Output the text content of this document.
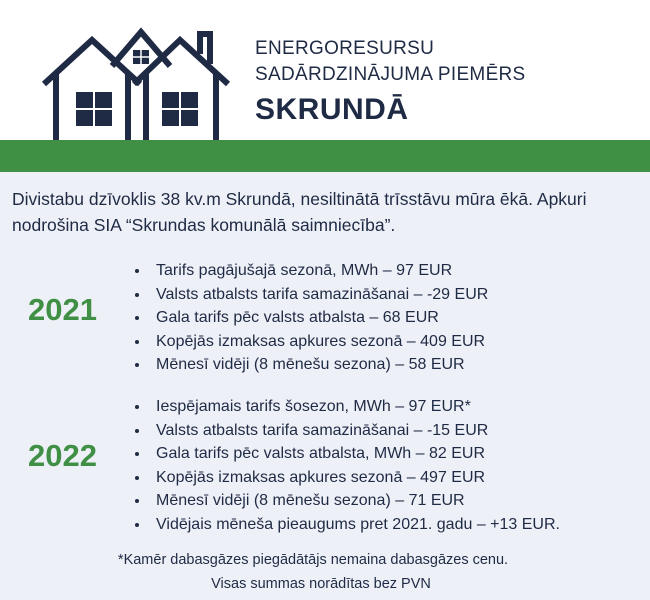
ENERGORESURSU
SADĀRDZINĀJUMA PIEMĒRS
SKRUNDĀ
Divistabu dzīvoklis 38 kv.m Skrundā, nesiltinātā trīsstāvu mūra ēkā. Apkuri nodrošina SIA “Skrundas komunālā saimniecība”.
2021
• Tarifs pagājušajā sezonā, MWh – 97 EUR
• Valsts atbalsts tarifa samazināšanai – -29 EUR
• Gala tarifs pēc valsts atbalsta – 68 EUR
• Kopējās izmaksas apkures sezonā – 409 EUR
• Mēnesī vidēji (8 mēnešu sezona) – 58 EUR
2022
• Iespējamais tarifs šosezon, MWh – 97 EUR*
• Valsts atbalsts tarifa samazināšanai – -15 EUR
• Gala tarifs pēc valsts atbalsta, MWh – 82 EUR
• Kopējās izmaksas apkures sezonā – 497 EUR
• Mēnesī vidēji (8 mēnešu sezona) – 71 EUR
• Vidējais mēneša pieaugums pret 2021. gadu – +13 EUR.
*Kamēr dabasgāzes piegādātājs nemaina dabasgāzes cenu.
Visas summas norādītas bez PVN
